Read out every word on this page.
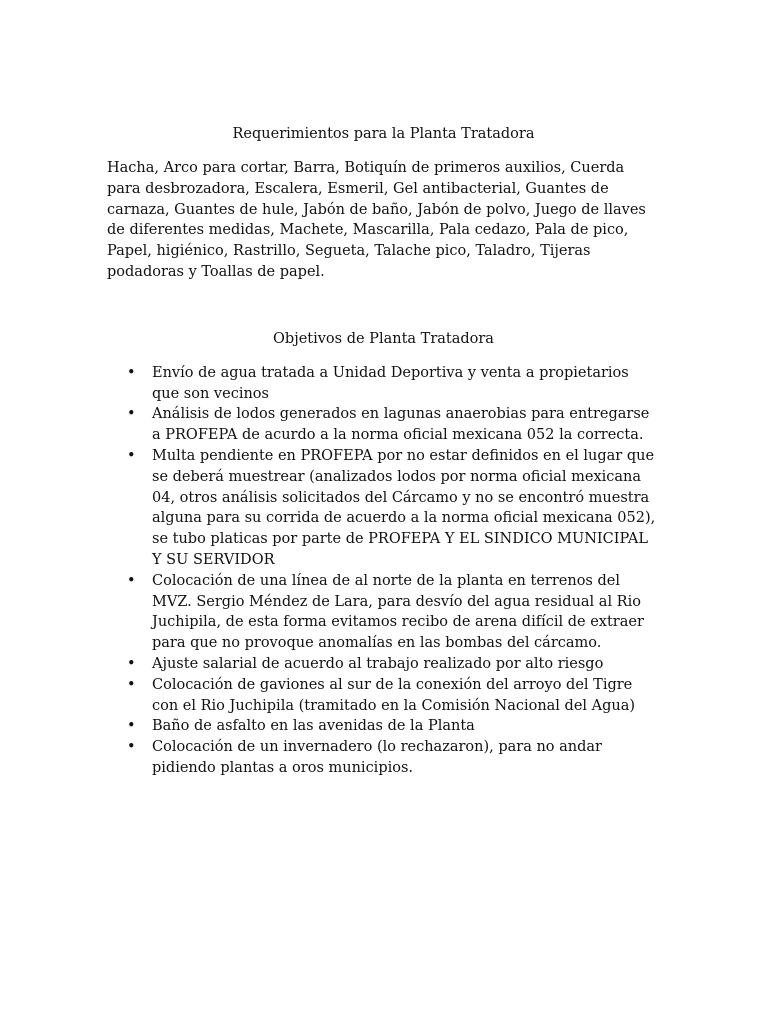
Requerimientos para la Planta Tratadora

Hacha, Arco para cortar, Barra, Botiquín de primeros auxilios, Cuerda para desbrozadora, Escalera, Esmeril, Gel antibacterial, Guantes de carnaza, Guantes de hule, Jabón de baño, Jabón de polvo, Juego de llaves de diferentes medidas, Machete, Mascarilla, Pala cedazo, Pala de pico, Papel, higiénico, Rastrillo, Segueta, Talache pico, Taladro, Tijeras podadoras y Toallas de papel.

Objetivos de Planta Tratadora

• Envío de agua tratada a Unidad Deportiva y venta a propietarios que son vecinos
• Análisis de lodos generados en lagunas anaerobias para entregarse a PROFEPA de acurdo a la norma oficial mexicana 052 la correcta.
• Multa pendiente en PROFEPA por no estar definidos en el lugar que se deberá muestrear (analizados lodos por norma oficial mexicana 04, otros análisis solicitados del Cárcamo y no se encontró muestra alguna para su corrida de acuerdo a la norma oficial mexicana 052), se tubo platicas por parte de PROFEPA Y EL SINDICO MUNICIPAL Y SU SERVIDOR
• Colocación de una línea de al norte de la planta en terrenos del MVZ. Sergio Méndez de Lara, para desvío del agua residual al Rio Juchipila, de esta forma evitamos recibo de arena difícil de extraer para que no provoque anomalías en las bombas del cárcamo.
• Ajuste salarial de acuerdo al trabajo realizado por alto riesgo
• Colocación de gaviones al sur de la conexión del arroyo del Tigre con el Rio Juchipila (tramitado en la Comisión Nacional del Agua)
• Baño de asfalto en las avenidas de la Planta
• Colocación de un invernadero (lo rechazaron), para no andar pidiendo plantas a oros municipios.
